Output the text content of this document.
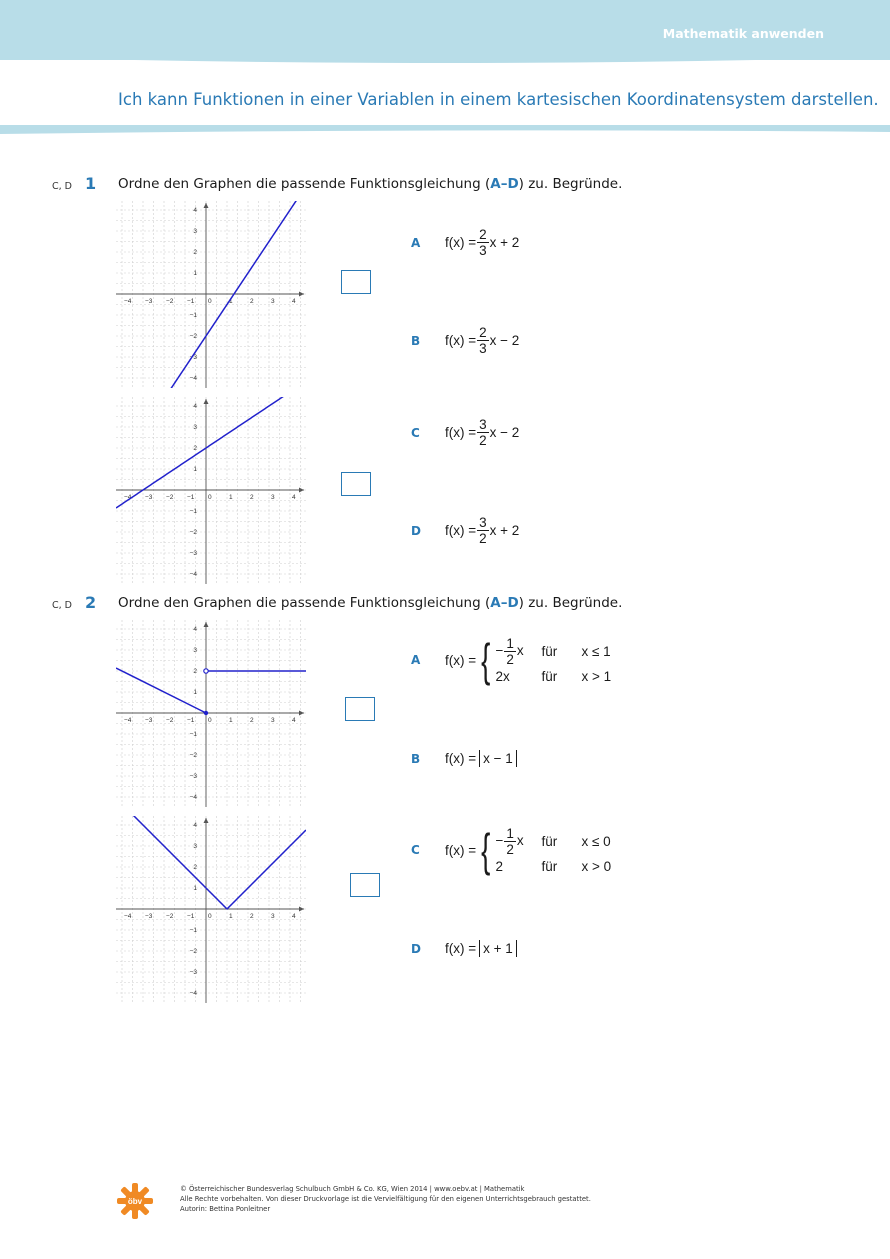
Mathematik anwenden
Ich kann Funktionen in einer Variablen in einem kartesischen Koordinatensystem darstellen.
C, D 1 Ordne den Graphen die passende Funktionsgleichung (A–D) zu. Begründe.
−4 −3 −2 −1 0	1	2	3	4
4
3
2
1
−1
−2
−3
−4
−4 −3 −2 −1 0	1	2	3	4
4
3
2
1
−1
−2
−3
−4
A	$f(x) = \frac{2}{3}$ x + 2
B	$f(x) = \frac{2}{3}$ x − 2
C	$f(x) = \frac{3}{2}$ x − 2
D $f(x) = \frac{3}{2}$ x + 2
C, D 2 Ordne den Graphen die passende Funktionsgleichung (A–D) zu. Begründe.
−4 −3 −2 −1 0	1	2	3	4
4
3
2
1
−1
−2
−3
−4
−4 −3 −2 −1 0	1	2	3	4
4
3
2
1
−1
−2
−3
−4
A	f(x) = { − $\frac{1}{2}$ x	für	x ≤ 1
2x	für	x > 1
B	f(x) = x − 1
C	f(x) = { − $\frac{1}{2}$ x	für	x ≤ 0
2	für	x > 0
D f(x) = x + 1
öbv
© Österreichischer Bundesverlag Schulbuch GmbH & Co. KG, Wien 2014 | www.oebv.at | Mathematik
Alle Rechte vorbehalten. Von dieser Druckvorlage ist die Vervielfältigung für den eigenen Unterrichtsgebrauch gestattet.
Autorin: Bettina Ponleitner
